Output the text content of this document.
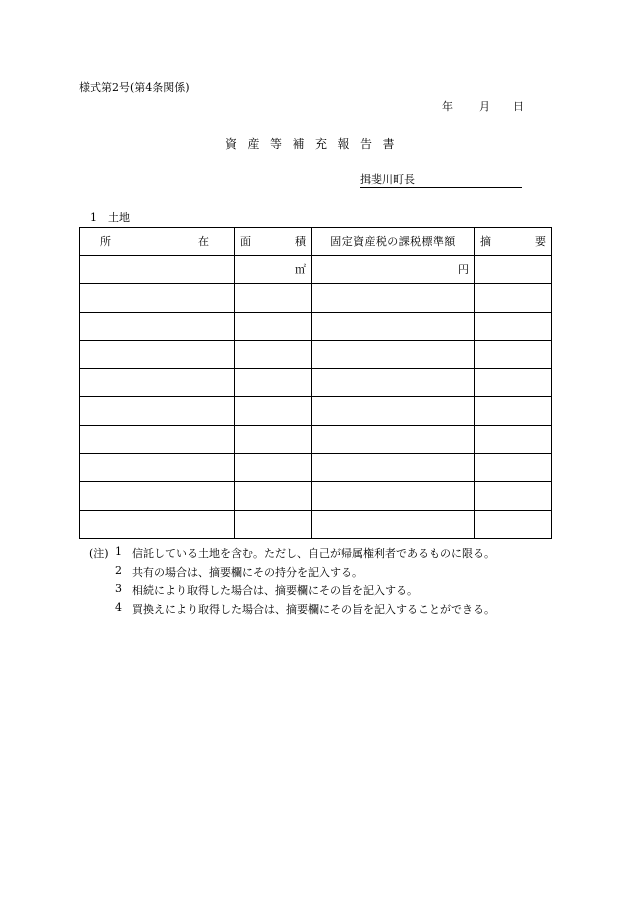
様式第2号(第4条関係)
年 月 日
資産等補充報告書
揖斐川町長
1　土地
所 在	面 積	固定資産税の課税標準額	摘 要

	㎡	円	

(注) 1 信託している土地を含む。ただし、自己が帰属権利者であるものに限る。
2 共有の場合は、摘要欄にその持分を記入する。
3 相続により取得した場合は、摘要欄にその旨を記入する。
4 買換えにより取得した場合は、摘要欄にその旨を記入することができる。
